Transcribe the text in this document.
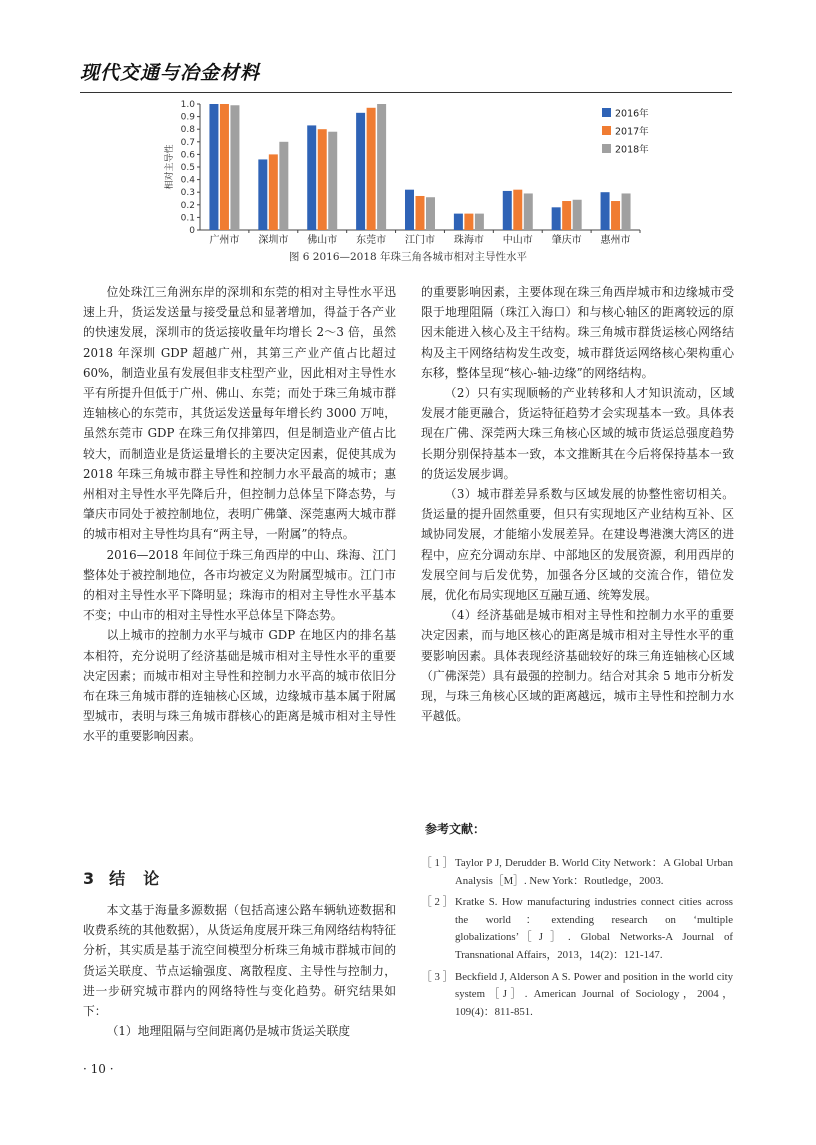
现代交通与冶金材料
0
0.1
0.2
0.3
0.4
0.5
0.6
0.7
0.8
0.9
1.0
相对主导性
广州市 深圳市 佛山市 东莞市 江门市 珠海市 中山市 肇庆市 惠州市
2016年
2017年
2018年
图 6 2016—2018 年珠三角各城市相对主导性水平

位处珠江三角洲东岸的深圳和东莞的相对主导性水平迅速上升，货运发送量与接受量总和显著增加，得益于各产业的快速发展，深圳市的货运接收量年均增长 2～3 倍，虽然 2018 年深圳 GDP 超越广州，其第三产业产值占比超过 60%，制造业虽有发展但非支柱型产业，因此相对主导性水平有所提升但低于广州、佛山、东莞；而处于珠三角城市群连轴核心的东莞市，其货运发送量每年增长约 3000 万吨，虽然东莞市 GDP 在珠三角仅排第四，但是制造业产值占比较大，而制造业是货运量增长的主要决定因素，促使其成为 2018 年珠三角城市群主导性和控制力水平最高的城市；惠州相对主导性水平先降后升，但控制力总体呈下降态势，与肇庆市同处于被控制地位，表明广佛肇、深莞惠两大城市群的城市相对主导性均具有“两主导，一附属”的特点。

2016—2018 年间位于珠三角西岸的中山、珠海、江门整体处于被控制地位，各市均被定义为附属型城市。江门市的相对主导性水平下降明显；珠海市的相对主导性水平基本不变；中山市的相对主导性水平总体呈下降态势。

以上城市的控制力水平与城市 GDP 在地区内的排名基本相符，充分说明了经济基础是城市相对主导性水平的重要决定因素；而城市相对主导性和控制力水平高的城市依旧分布在珠三角城市群的连轴核心区域，边缘城市基本属于附属型城市，表明与珠三角城市群核心的距离是城市相对主导性水平的重要影响因素。

3 结　论

本文基于海量多源数据（包括高速公路车辆轨迹数据和收费系统的其他数据），从货运角度展开珠三角网络结构特征分析，其实质是基于流空间模型分析珠三角城市群城市间的货运关联度、节点运输强度、离散程度、主导性与控制力，进一步研究城市群内的网络特性与变化趋势。研究结果如下：

（1）地理阻隔与空间距离仍是城市货运关联度

的重要影响因素，主要体现在珠三角西岸城市和边缘城市受限于地理阻隔（珠江入海口）和与核心轴区的距离较远的原因未能进入核心及主干结构。珠三角城市群货运核心网络结构及主干网络结构发生改变，城市群货运网络核心架构重心东移，整体呈现“核心-轴-边缘”的网络结构。

（2）只有实现顺畅的产业转移和人才知识流动，区域发展才能更融合，货运特征趋势才会实现基本一致。具体表现在广佛、深莞两大珠三角核心区域的城市货运总强度趋势长期分别保持基本一致，本文推断其在今后将保持基本一致的货运发展步调。

（3）城市群差异系数与区域发展的协整性密切相关。货运量的提升固然重要，但只有实现地区产业结构互补、区域协同发展，才能缩小发展差异。在建设粤港澳大湾区的进程中，应充分调动东岸、中部地区的发展资源，利用西岸的发展空间与后发优势，加强各分区域的交流合作，错位发展，优化布局实现地区互融互通、统筹发展。

（4）经济基础是城市相对主导性和控制力水平的重要决定因素，而与地区核心的距离是城市相对主导性水平的重要影响因素。具体表现经济基础较好的珠三角连轴核心区域（广佛深莞）具有最强的控制力。结合对其余 5 地市分析发现，与珠三角核心区域的距离越远，城市主导性和控制力水平越低。

参考文献：
［ 1 ］ Taylor P J, Derudder B. World City Network：A Global Urban Analysis［M］. New York：Routledge，2003.
［ 2 ］ Kratke S. How manufacturing industries connect cities across the world：extending research on ‘multiple globalizations’［J］. Global Networks-A Journal of Transnational Affairs，2013，14(2)：121-147.
［ 3 ］ Beckfield J, Alderson A S. Power and position in the world city system［J］. American Journal of Sociology，2004，109(4)：811-851.
· 10 ·
